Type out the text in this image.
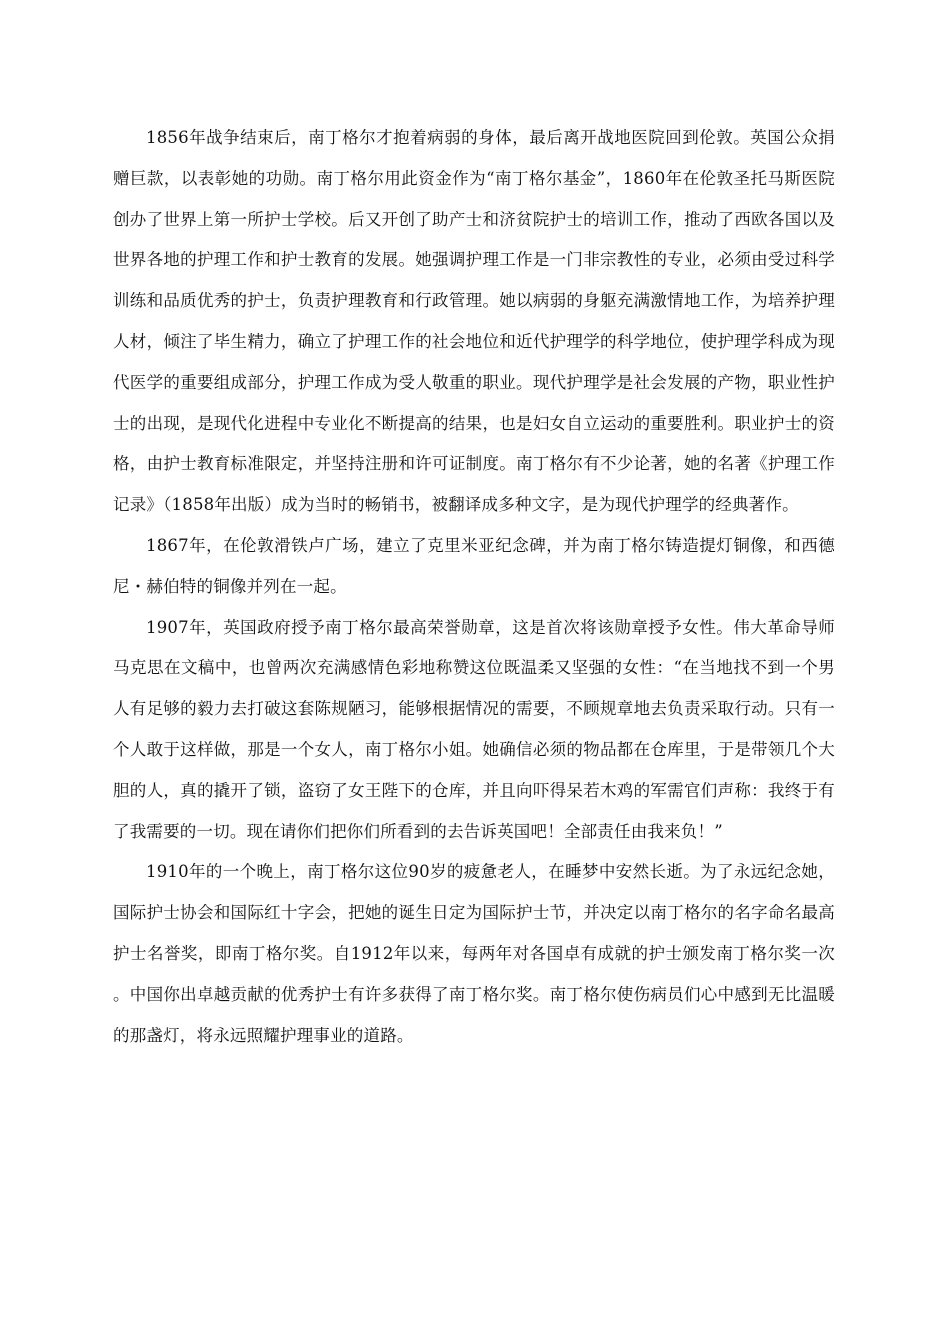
1856年战争结束后，南丁格尔才抱着病弱的身体，最后离开战地医院回到伦敦。英国公众捐赠巨款，以表彰她的功勋。南丁格尔用此资金作为“南丁格尔基金”，1860年在伦敦圣托马斯医院创办了世界上第一所护士学校。后又开创了助产士和济贫院护士的培训工作，推动了西欧各国以及世界各地的护理工作和护士教育的发展。她强调护理工作是一门非宗教性的专业，必须由受过科学训练和品质优秀的护士，负责护理教育和行政管理。她以病弱的身躯充满激情地工作，为培养护理人材，倾注了毕生精力，确立了护理工作的社会地位和近代护理学的科学地位，使护理学科成为现代医学的重要组成部分，护理工作成为受人敬重的职业。现代护理学是社会发展的产物，职业性护士的出现，是现代化进程中专业化不断提高的结果，也是妇女自立运动的重要胜利。职业护士的资格，由护士教育标准限定，并坚持注册和许可证制度。南丁格尔有不少论著，她的名著《护理工作记录》（1858年出版）成为当时的畅销书，被翻译成多种文字，是为现代护理学的经典著作。

1867年，在伦敦滑铁卢广场，建立了克里米亚纪念碑，并为南丁格尔铸造提灯铜像，和西德尼・赫伯特的铜像并列在一起。

1907年，英国政府授予南丁格尔最高荣誉勋章，这是首次将该勋章授予女性。伟大革命导师马克思在文稿中，也曾两次充满感情色彩地称赞这位既温柔又坚强的女性：“在当地找不到一个男人有足够的毅力去打破这套陈规陋习，能够根据情况的需要，不顾规章地去负责采取行动。只有一个人敢于这样做，那是一个女人，南丁格尔小姐。她确信必须的物品都在仓库里，于是带领几个大胆的人，真的撬开了锁，盗窃了女王陛下的仓库，并且向吓得呆若木鸡的军需官们声称：我终于有了我需要的一切。现在请你们把你们所看到的去告诉英国吧！全部责任由我来负！”

1910年的一个晚上，南丁格尔这位90岁的疲惫老人，在睡梦中安然长逝。为了永远纪念她，国际护士协会和国际红十字会，把她的诞生日定为国际护士节，并决定以南丁格尔的名字命名最高护士名誉奖，即南丁格尔奖。自1912年以来，每两年对各国卓有成就的护士颁发南丁格尔奖一次。中国你出卓越贡献的优秀护士有许多获得了南丁格尔奖。南丁格尔使伤病员们心中感到无比温暖的那盏灯，将永远照耀护理事业的道路。
